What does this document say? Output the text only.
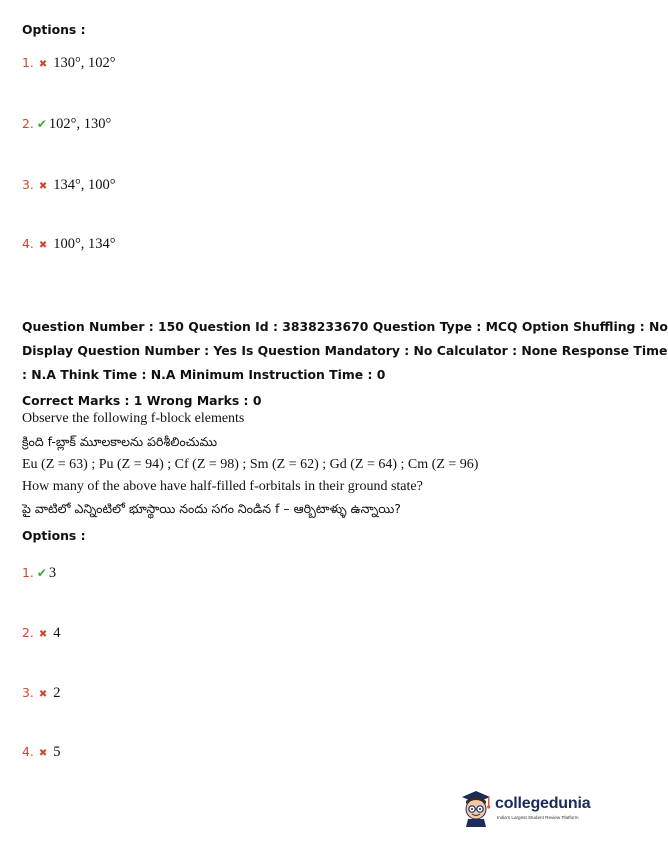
Options :
1. ✖ 130°, 102°
2. ✔ 102°, 130°
3. ✖ 134°, 100°
4. ✖ 100°, 134°
Question Number : 150 Question Id : 3838233670 Question Type : MCQ Option Shuffling : No
Display Question Number : Yes Is Question Mandatory : No Calculator : None Response Time
: N.A Think Time : N.A Minimum Instruction Time : 0
Correct Marks : 1 Wrong Marks : 0
Observe the following f-block elements
క్రింది f-బ్లాక్ మూలకాలను పరిశీలించుము
Eu (Z = 63) ; Pu (Z = 94) ; Cf (Z = 98) ; Sm (Z = 62) ; Gd (Z = 64) ; Cm (Z = 96)
How many of the above have half-filled f-orbitals in their ground state?
పై వాటిలో ఎన్నింటిలో భూస్థాయి నందు సగం నిండిన f – ఆర్బిటాళ్ళు ఉన్నాయి?
Options :
1. ✔ 3
2. ✖ 4
3. ✖ 2
4. ✖ 5
collegedunia
India's Largest Student Review Platform
